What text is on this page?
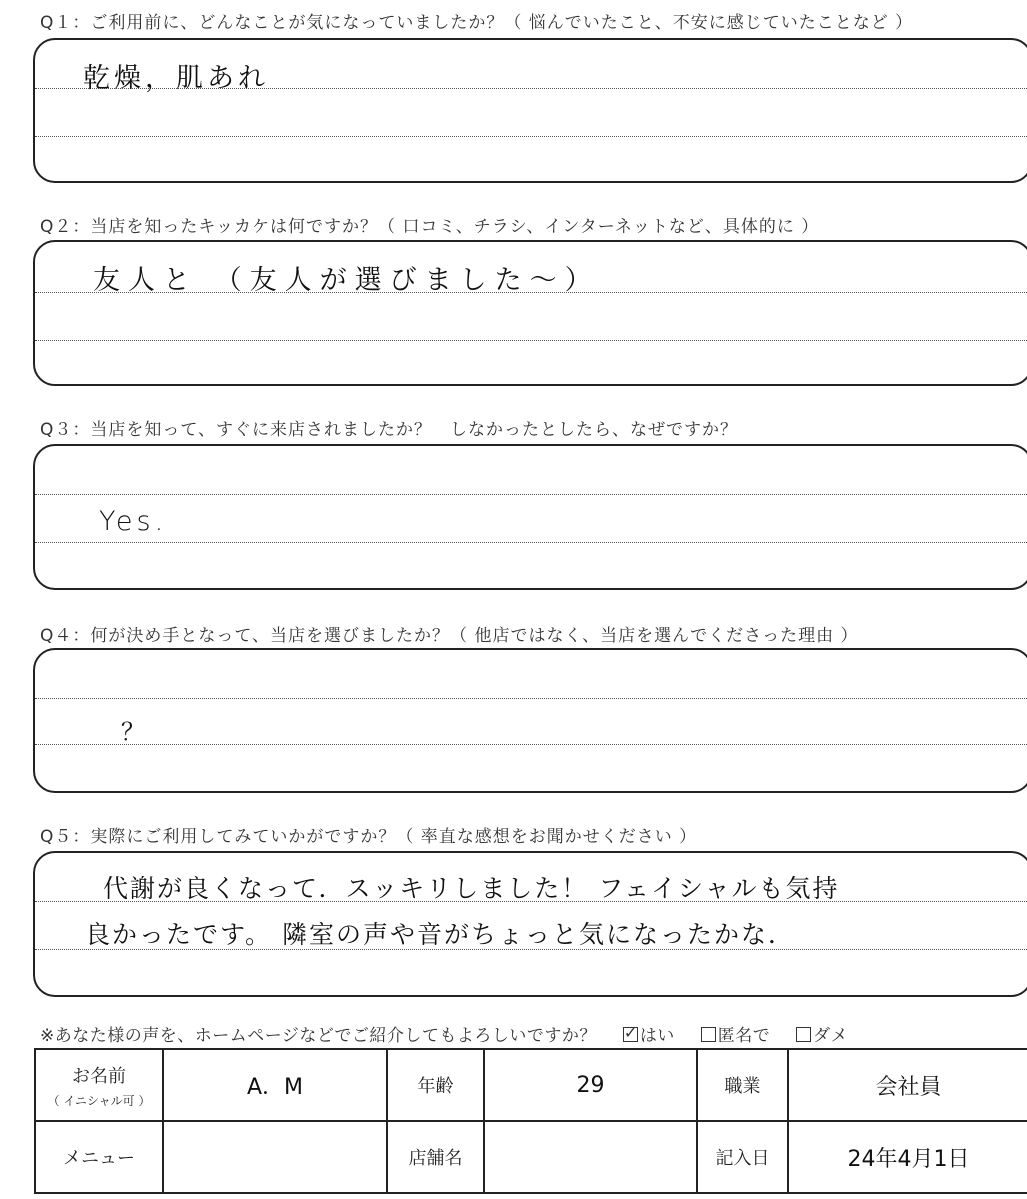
Q１：ご利用前に、どんなことが気になっていましたか？（ 悩んでいたこと、不安に感じていたことなど ）
乾燥，肌あれ
Q２：当店を知ったキッカケは何ですか？（ 口コミ、チラシ、インターネットなど、具体的に ）
友人と （友人が選びました～）
Q３：当店を知って、すぐに来店されましたか？　しなかったとしたら、なぜですか？
Yes.
Q４：何が決め手となって、当店を選びましたか？（ 他店ではなく、当店を選んでくださった理由 ）
？
Q５：実際にご利用してみていかがですか？（ 率直な感想をお聞かせください ）
代謝が良くなって．スッキリしました！ フェイシャルも気持
良かったです。 隣室の声や音がちょっと気になったかな．
※あなた様の声を、ホームページなどでご紹介してもよろしいですか？ ✓	はい	匿名で	ダメ
お名前
（ イニシャル可 ）	A．M	年齢	29	職業	会社員
メニュー		店舗名		記入日	24年4月1日
